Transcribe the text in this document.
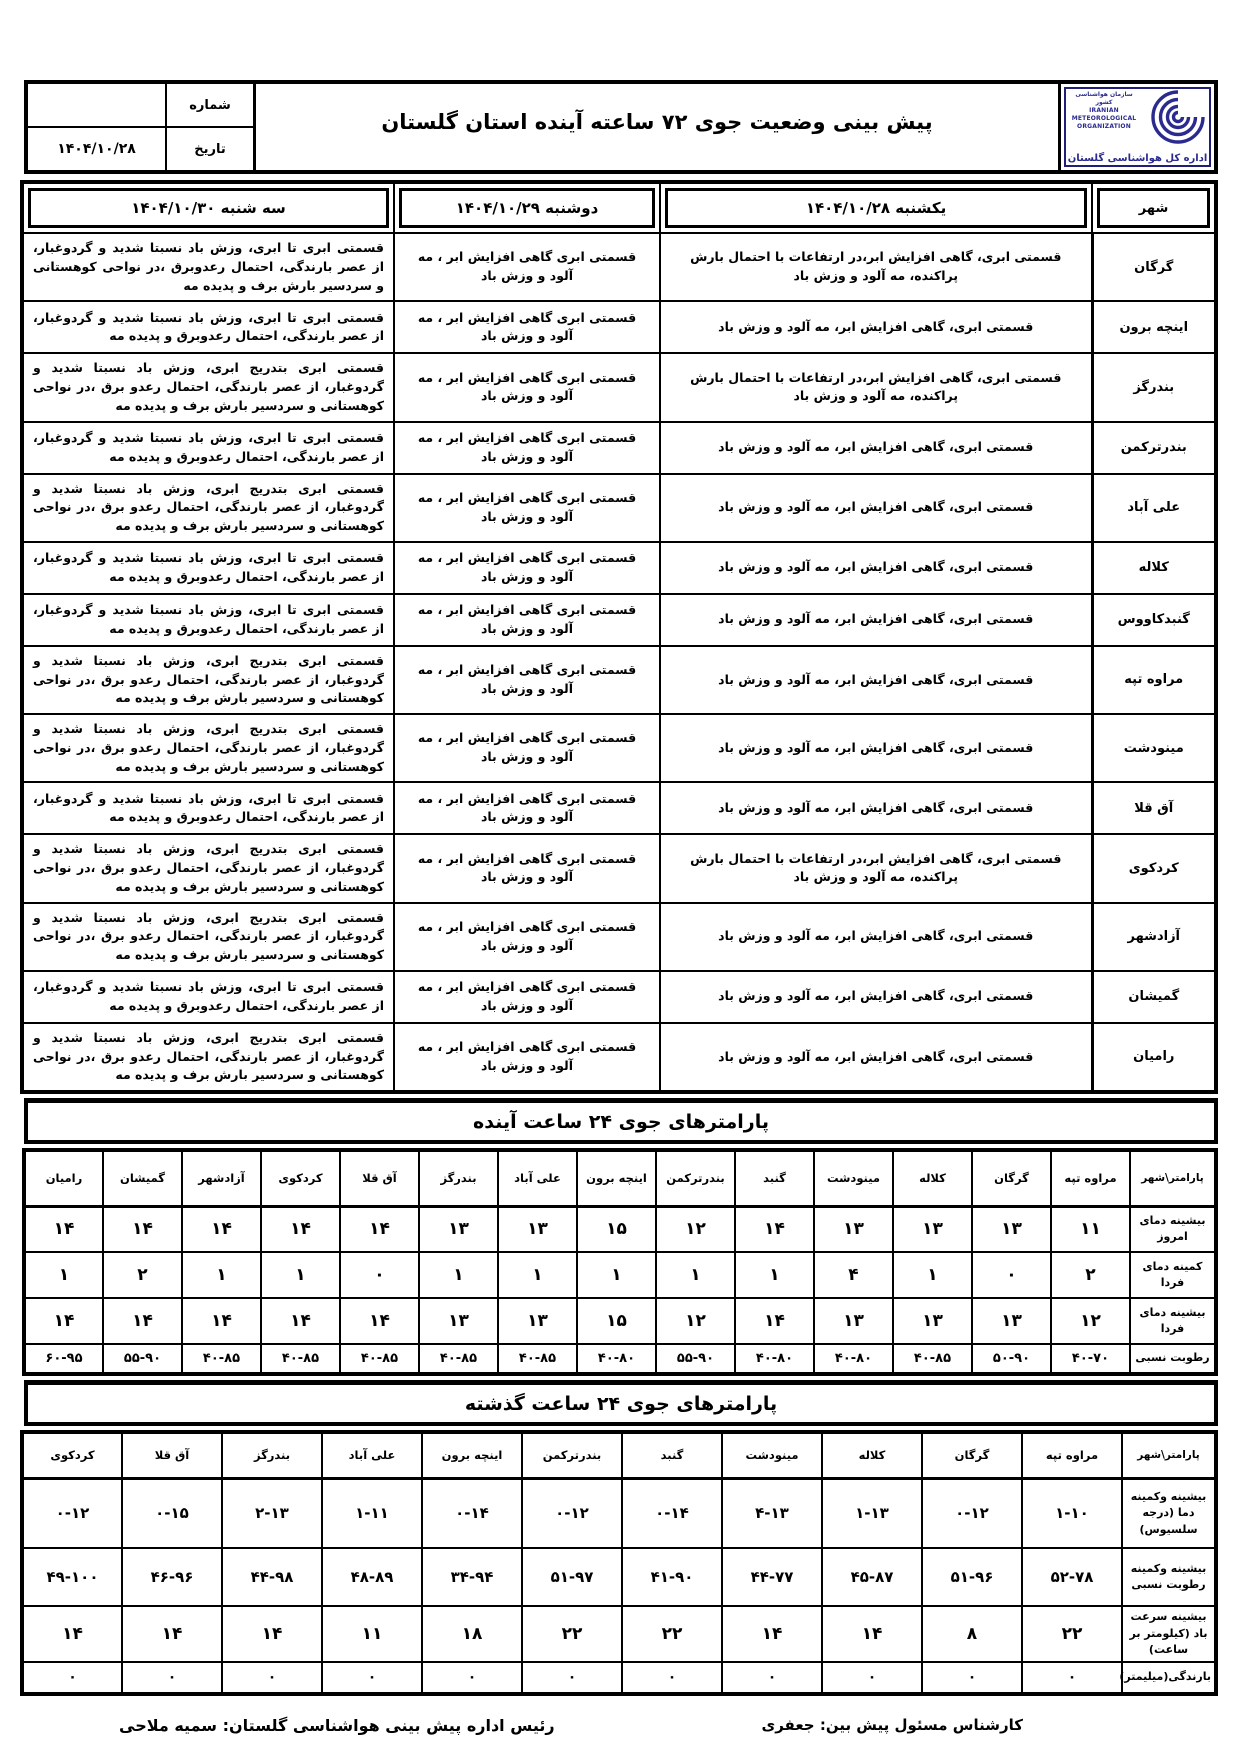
سازمان هواشناسی کشور
IRANIAN METEOROLOGICAL ORGANIZATION
اداره کل هواشناسی گلستان
پیش بینی وضعیت جوی ۷۲ ساعته آینده استان گلستان
شماره
تاریخ
۱۴۰۴/۱۰/۲۸
شهر	یکشنبه ۱۴۰۴/۱۰/۲۸	دوشنبه ۱۴۰۴/۱۰/۲۹	سه شنبه ۱۴۰۴/۱۰/۳۰

گرگان	قسمتی ابری، گاهی افزایش ابر،در ارتفاعات با احتمال بارش پراکنده، مه آلود و وزش باد	قسمتی ابری گاهی افزایش ابر ، مه آلود و وزش باد	قسمتی ابری تا ابری، وزش باد نسبتا شدید و گردوغبار، از عصر بارندگی، احتمال رعدوبرق ،در نواحی کوهستانی و سردسیر بارش برف و پدیده مه
اینچه برون	قسمتی ابری، گاهی افزایش ابر، مه آلود و وزش باد	قسمتی ابری گاهی افزایش ابر ، مه آلود و وزش باد	قسمتی ابری تا ابری، وزش باد نسبتا شدید و گردوغبار، از عصر بارندگی، احتمال رعدوبرق و پدیده مه
بندرگز	قسمتی ابری، گاهی افزایش ابر،در ارتفاعات با احتمال بارش پراکنده، مه آلود و وزش باد	قسمتی ابری گاهی افزایش ابر ، مه آلود و وزش باد	قسمتی ابری بتدریج ابری، وزش باد نسبتا شدید و گردوغبار، از عصر بارندگی، احتمال رعدو برق ،در نواحی کوهستانی و سردسیر بارش برف و پدیده مه
بندرترکمن	قسمتی ابری، گاهی افزایش ابر، مه آلود و وزش باد	قسمتی ابری گاهی افزایش ابر ، مه آلود و وزش باد	قسمتی ابری تا ابری، وزش باد نسبتا شدید و گردوغبار، از عصر بارندگی، احتمال رعدوبرق و پدیده مه
علی آباد	قسمتی ابری، گاهی افزایش ابر، مه آلود و وزش باد	قسمتی ابری گاهی افزایش ابر ، مه آلود و وزش باد	قسمتی ابری بتدریج ابری، وزش باد نسبتا شدید و گردوغبار، از عصر بارندگی، احتمال رعدو برق ،در نواحی کوهستانی و سردسیر بارش برف و پدیده مه
کلاله	قسمتی ابری، گاهی افزایش ابر، مه آلود و وزش باد	قسمتی ابری گاهی افزایش ابر ، مه آلود و وزش باد	قسمتی ابری تا ابری، وزش باد نسبتا شدید و گردوغبار، از عصر بارندگی، احتمال رعدوبرق و پدیده مه
گنبدکاووس	قسمتی ابری، گاهی افزایش ابر، مه آلود و وزش باد	قسمتی ابری گاهی افزایش ابر ، مه آلود و وزش باد	قسمتی ابری تا ابری، وزش باد نسبتا شدید و گردوغبار، از عصر بارندگی، احتمال رعدوبرق و پدیده مه
مراوه تپه	قسمتی ابری، گاهی افزایش ابر، مه آلود و وزش باد	قسمتی ابری گاهی افزایش ابر ، مه آلود و وزش باد	قسمتی ابری بتدریج ابری، وزش باد نسبتا شدید و گردوغبار، از عصر بارندگی، احتمال رعدو برق ،در نواحی کوهستانی و سردسیر بارش برف و پدیده مه
مینودشت	قسمتی ابری، گاهی افزایش ابر، مه آلود و وزش باد	قسمتی ابری گاهی افزایش ابر ، مه آلود و وزش باد	قسمتی ابری بتدریج ابری، وزش باد نسبتا شدید و گردوغبار، از عصر بارندگی، احتمال رعدو برق ،در نواحی کوهستانی و سردسیر بارش برف و پدیده مه
آق قلا	قسمتی ابری، گاهی افزایش ابر، مه آلود و وزش باد	قسمتی ابری گاهی افزایش ابر ، مه آلود و وزش باد	قسمتی ابری تا ابری، وزش باد نسبتا شدید و گردوغبار، از عصر بارندگی، احتمال رعدوبرق و پدیده مه
کردکوی	قسمتی ابری، گاهی افزایش ابر،در ارتفاعات با احتمال بارش پراکنده، مه آلود و وزش باد	قسمتی ابری گاهی افزایش ابر ، مه آلود و وزش باد	قسمتی ابری بتدریج ابری، وزش باد نسبتا شدید و گردوغبار، از عصر بارندگی، احتمال رعدو برق ،در نواحی کوهستانی و سردسیر بارش برف و پدیده مه
آزادشهر	قسمتی ابری، گاهی افزایش ابر، مه آلود و وزش باد	قسمتی ابری گاهی افزایش ابر ، مه آلود و وزش باد	قسمتی ابری بتدریج ابری، وزش باد نسبتا شدید و گردوغبار، از عصر بارندگی، احتمال رعدو برق ،در نواحی کوهستانی و سردسیر بارش برف و پدیده مه
گمیشان	قسمتی ابری، گاهی افزایش ابر، مه آلود و وزش باد	قسمتی ابری گاهی افزایش ابر ، مه آلود و وزش باد	قسمتی ابری تا ابری، وزش باد نسبتا شدید و گردوغبار، از عصر بارندگی، احتمال رعدوبرق و پدیده مه
رامیان	قسمتی ابری، گاهی افزایش ابر، مه آلود و وزش باد	قسمتی ابری گاهی افزایش ابر ، مه آلود و وزش باد	قسمتی ابری بتدریج ابری، وزش باد نسبتا شدید و گردوغبار، از عصر بارندگی، احتمال رعدو برق ،در نواحی کوهستانی و سردسیر بارش برف و پدیده مه
پارامترهای جوی ۲۴ ساعت آینده
پارامتر\شهر	مراوه تپه	گرگان	کلاله	مینودشت	گنبد	بندرترکمن	اینچه برون	علی آباد	بندرگز	آق قلا	کردکوی	آزادشهر	گمیشان	رامیان
بیشینه دمای امروز	۱۱	۱۳	۱۳	۱۳	۱۴	۱۲	۱۵	۱۳	۱۳	۱۴	۱۴	۱۴	۱۴	۱۴
کمینه دمای فردا	۲	۰	۱	۴	۱	۱	۱	۱	۱	۰	۱	۱	۲	۱
بیشینه دمای فردا	۱۲	۱۳	۱۳	۱۳	۱۴	۱۲	۱۵	۱۳	۱۳	۱۴	۱۴	۱۴	۱۴	۱۴
رطوبت نسبی	۴۰-۷۰	۵۰-۹۰	۴۰-۸۵	۴۰-۸۰	۴۰-۸۰	۵۵-۹۰	۴۰-۸۰	۴۰-۸۵	۴۰-۸۵	۴۰-۸۵	۴۰-۸۵	۴۰-۸۵	۵۵-۹۰	۶۰-۹۵
پارامترهای جوی ۲۴ ساعت گذشته
پارامتر\شهر	مراوه تپه	گرگان	کلاله	مینودشت	گنبد	بندرترکمن	اینچه برون	علی آباد	بندرگز	آق قلا	کردکوی
بیشینه وکمینه دما (درجه سلسیوس)	۱-۱۰	۰-۱۲	۱-۱۳	۴-۱۳	۰-۱۴	۰-۱۲	۰-۱۴	۱-۱۱	۲-۱۳	۰-۱۵	۰-۱۲
بیشینه وکمینه رطوبت نسبی	۵۲-۷۸	۵۱-۹۶	۴۵-۸۷	۴۴-۷۷	۴۱-۹۰	۵۱-۹۷	۳۴-۹۴	۴۸-۸۹	۴۴-۹۸	۴۶-۹۶	۴۹-۱۰۰
بیشینه سرعت باد (کیلومتر بر ساعت)	۲۲	۸	۱۴	۱۴	۲۲	۲۲	۱۸	۱۱	۱۴	۱۴	۱۴
بارندگی(میلیمتر)	۰	۰	۰	۰	۰	۰	۰	۰	۰	۰	۰
کارشناس مسئول پیش بین: جعفری
رئیس اداره پیش بینی هواشناسی گلستان: سمیه ملاحی
